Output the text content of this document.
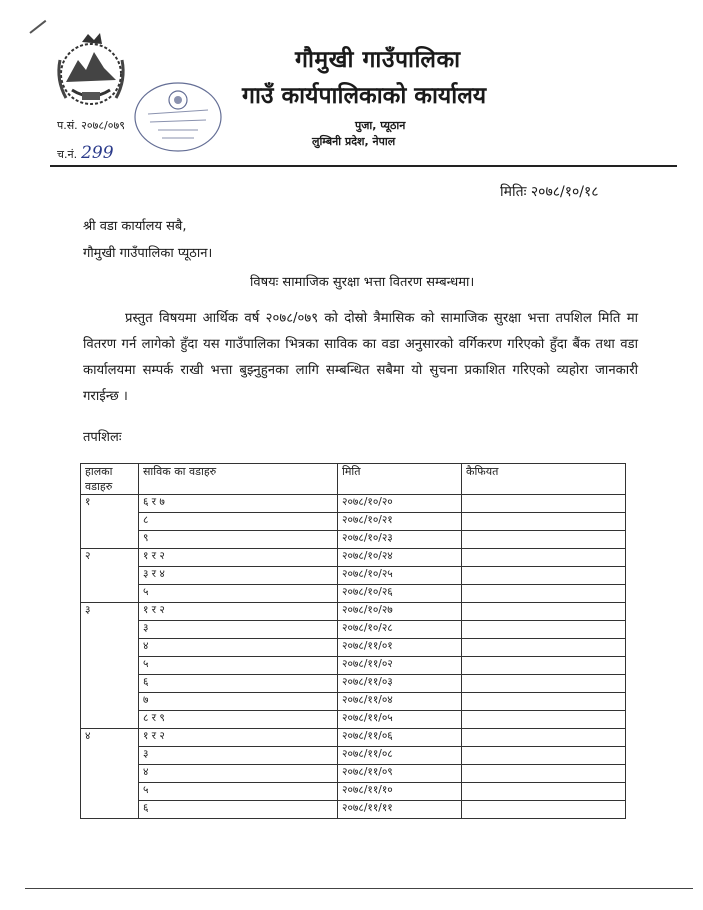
गौमुखी गाउँपालिका
गाउँ कार्यपालिकाको कार्यालय
पुजा, प्यूठान
लुम्बिनी प्रदेश, नेपाल
प.सं. २०७८/०७९
च.नं. 299
मितिः २०७८/१०/१८
श्री वडा कार्यालय सबै,
गौमुखी गाउँपालिका प्यूठान।
विषयः सामाजिक सुरक्षा भत्ता वितरण सम्बन्धमा।
प्रस्तुत विषयमा आर्थिक वर्ष २०७८/०७९ को दोस्रो त्रैमासिक को सामाजिक सुरक्षा भत्ता तपशिल मिति मा वितरण गर्न लागेको हुँदा यस गाउँपालिका भित्रका साविक का वडा अनुसारको वर्गिकरण गरिएको हुँदा बैंक तथा वडा कार्यालयमा सम्पर्क राखी भत्ता बुझ्नुहुनका लागि सम्बन्धित सबैमा यो सुचना प्रकाशित गरिएको व्यहोरा जानकारी गराईन्छ ।
तपशिलः
हालका वडाहरु	साविक का वडाहरु	मिति	कैफियत
१	६ र ७	२०७८/१०/२०	
	८	२०७८/१०/२१	
	९	२०७८/१०/२३	
२	१ र २	२०७८/१०/२४	
	३ र ४	२०७८/१०/२५	
	५	२०७८/१०/२६	
३	१ र २	२०७८/१०/२७	
	३	२०७८/१०/२८	
	४	२०७८/११/०१	
	५	२०७८/११/०२	
	६	२०७८/११/०३	
	७	२०७८/११/०४	
	८ र ९	२०७८/११/०५	
४	१ र २	२०७८/११/०६	
	३	२०७८/११/०८	
	४	२०७८/११/०९	
	५	२०७८/११/१०	
	६	२०७८/११/११	
